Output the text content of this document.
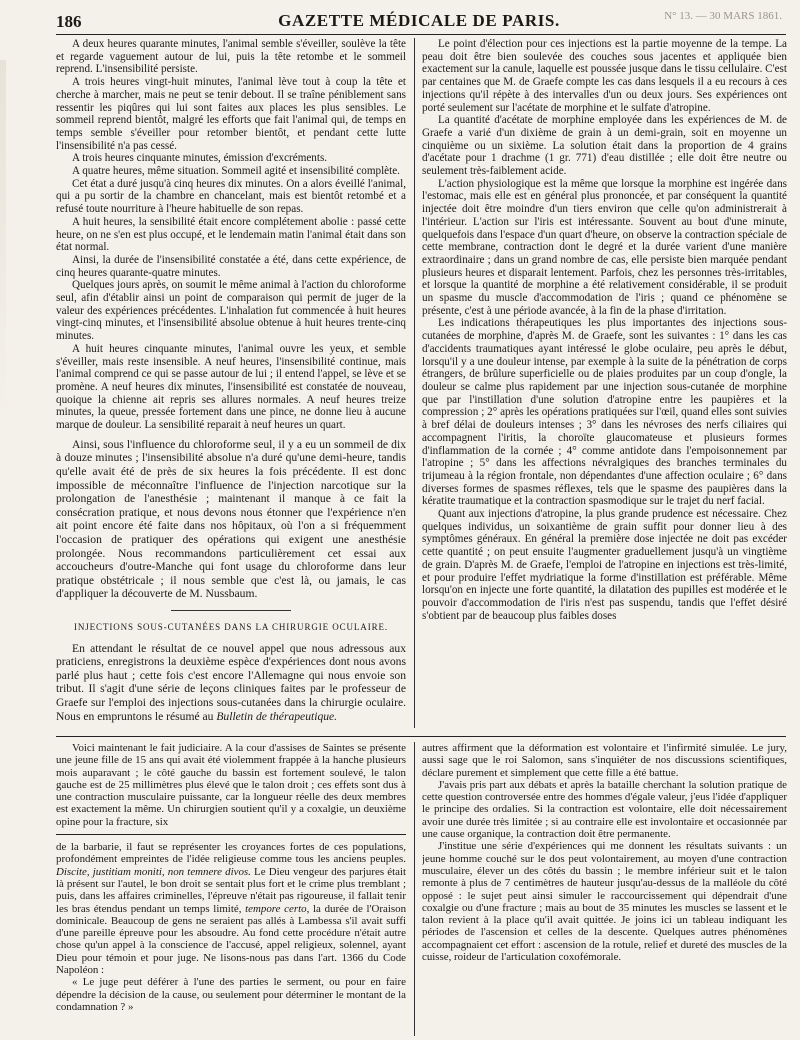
186	GAZETTE MÉDICALE DE PARIS.	N° 13. — 30 MARS 1861.

A deux heures quarante minutes, l'animal semble s'éveiller, soulève la tête et regarde vaguement autour de lui, puis la tête retombe et le sommeil reprend. L'insensibilité persiste.

A trois heures vingt-huit minutes, l'animal lève tout à coup la tête et cherche à marcher, mais ne peut se tenir debout. Il se traîne péniblement sans ressentir les piqûres qui lui sont faites aux places les plus sensibles. Le sommeil reprend bientôt, malgré les efforts que fait l'animal qui, de temps en temps semble s'éveiller pour retomber bientôt, et pendant cette lutte l'insensibilité n'a pas cessé.

A trois heures cinquante minutes, émission d'excréments.

A quatre heures, même situation. Sommeil agité et insensibilité complète.

Cet état a duré jusqu'à cinq heures dix minutes. On a alors éveillé l'animal, qui a pu sortir de la chambre en chancelant, mais est bientôt retombé et a refusé toute nourriture à l'heure habituelle de son repas.

A huit heures, la sensibilité était encore complétement abolie : passé cette heure, on ne s'en est plus occupé, et le lendemain matin l'animal était dans son état normal.

Ainsi, la durée de l'insensibilité constatée a été, dans cette expérience, de cinq heures quarante-quatre minutes.

Quelques jours après, on soumit le même animal à l'action du chloroforme seul, afin d'établir ainsi un point de comparaison qui permit de juger de la valeur des expériences précédentes. L'inhalation fut commencée à huit heures vingt-cinq minutes, et l'insensibilité absolue obtenue à huit heures trente-cinq minutes.

A huit heures cinquante minutes, l'animal ouvre les yeux, et semble s'éveiller, mais reste insensible. A neuf heures, l'insensibilité continue, mais l'animal comprend ce qui se passe autour de lui ; il entend l'appel, se lève et se promène. A neuf heures dix minutes, l'insensibilité est constatée de nouveau, quoique la chienne ait repris ses allures normales. A neuf heures treize minutes, la queue, pressée fortement dans une pince, ne donne lieu à aucune marque de douleur. La sensibilité reparait à neuf heures un quart.

Ainsi, sous l'influence du chloroforme seul, il y a eu un sommeil de dix à douze minutes ; l'insensibilité absolue n'a duré qu'une demi-heure, tandis qu'elle avait été de près de six heures la fois précédente. Il est donc impossible de méconnaître l'influence de l'injection narcotique sur la prolongation de l'anesthésie ; maintenant il manque à ce fait la consécration pratique, et nous devons nous étonner que l'expérience n'en ait point encore été faite dans nos hôpitaux, où l'on a si fréquemment l'occasion de pratiquer des opérations qui exigent une anesthésie prolongée. Nous recommandons particulièrement cet essai aux accoucheurs d'outre-Manche qui font usage du chloroforme dans leur pratique obstétricale ; il nous semble que c'est là, ou jamais, le cas d'appliquer la découverte de M. Nussbaum.

INJECTIONS SOUS-CUTANÉES DANS LA CHIRURGIE OCULAIRE.

En attendant le résultat de ce nouvel appel que nous adressous aux praticiens, enregistrons la deuxième espèce d'expériences dont nous avons parlé plus haut ; cette fois c'est encore l'Allemagne qui nous envoie son tribut. Il s'agit d'une série de leçons cliniques faites par le professeur de Graefe sur l'emploi des injections sous-cutanées dans la chirurgie oculaire. Nous en empruntons le résumé au Bulletin de thérapeutique.

Le point d'élection pour ces injections est la partie moyenne de la tempe. La peau doit être bien soulevée des couches sous jacentes et appliquée bien exactement sur la canule, laquelle est poussée jusque dans le tissu cellulaire. C'est par centaines que M. de Graefe compte les cas dans lesquels il a eu recours à ces injections qu'il répète à des intervalles d'un ou deux jours. Ses expériences ont porté seulement sur l'acétate de morphine et le sulfate d'atropine.

La quantité d'acétate de morphine employée dans les expériences de M. de Graefe a varié d'un dixième de grain à un demi-grain, soit en moyenne un cinquième ou un sixième. La solution était dans la proportion de 4 grains d'acétate pour 1 drachme (1 gr. 771) d'eau distillée ; elle doit être neutre ou seulement très-faiblement acide.

L'action physiologique est la même que lorsque la morphine est ingérée dans l'estomac, mais elle est en général plus prononcée, et par conséquent la quantité injectée doit être moindre d'un tiers environ que celle qu'on administrerait à l'intérieur. L'action sur l'iris est intéressante. Souvent au bout d'une minute, quelquefois dans l'espace d'un quart d'heure, on observe la contraction spéciale de cette membrane, contraction dont le degré et la durée varient d'une manière extraordinaire ; dans un grand nombre de cas, elle persiste bien marquée pendant plusieurs heures et disparait lentement. Parfois, chez les personnes très-irritables, et lorsque la quantité de morphine a été relativement considérable, il se produit un spasme du muscle d'accommodation de l'iris ; quand ce phénomène se présente, c'est à une période avancée, à la fin de la phase d'irritation.

Les indications thérapeutiques les plus importantes des injections sous-cutanées de morphine, d'après M. de Graefe, sont les suivantes : 1° dans les cas d'accidents traumatiques ayant intéressé le globe oculaire, peu après le début, lorsqu'il y a une douleur intense, par exemple à la suite de la pénétration de corps étrangers, de brûlure superficielle ou de plaies produites par un coup d'ongle, la douleur se calme plus rapidement par une injection sous-cutanée de morphine que par l'instillation d'une solution d'atropine entre les paupières et la compression ; 2° après les opérations pratiquées sur l'œil, quand elles sont suivies à bref délai de douleurs intenses ; 3° dans les névroses des nerfs ciliaires qui accompagnent l'iritis, la choroïte glaucomateuse et plusieurs formes d'inflammation de la cornée ; 4° comme antidote dans l'empoisonnement par l'atropine ; 5° dans les affections névralgiques des branches terminales du trijumeau à la région frontale, non dépendantes d'une affection oculaire ; 6° dans diverses formes de spasmes réflexes, tels que le spasme des paupières dans la kératite traumatique et la contraction spasmodique sur le trajet du nerf facial.

Quant aux injections d'atropine, la plus grande prudence est nécessaire. Chez quelques individus, un soixantième de grain suffit pour donner lieu à des symptômes généraux. En général la première dose injectée ne doit pas excéder cette quantité ; on peut ensuite l'augmenter graduellement jusqu'à un vingtième de grain. D'après M. de Graefe, l'emploi de l'atropine en injections est très-limité, et pour produire l'effet mydriatique la forme d'instillation est préférable. Même lorsqu'on en injecte une forte quantité, la dilatation des pupilles est modérée et le pouvoir d'accommodation de l'iris n'est pas suspendu, tandis que l'effet désiré s'obtient par de beaucoup plus faibles doses

Voici maintenant le fait judiciaire. A la cour d'assises de Saintes se présente une jeune fille de 15 ans qui avait été violemment frappée à la hanche plusieurs mois auparavant ; le côté gauche du bassin est fortement soulevé, le talon gauche est de 25 millimètres plus élevé que le talon droit ; ces effets sont dus à une contraction musculaire puissante, car la longueur réelle des deux membres est exactement la même. Un chirurgien soutient qu'il y a coxalgie, un deuxième opine pour la fracture, six

de la barbarie, il faut se représenter les croyances fortes de ces populations, profondément empreintes de l'idée religieuse comme tous les anciens peuples. Discite, justitiam moniti, non temnere divos. Le Dieu vengeur des parjures était là présent sur l'autel, le bon droit se sentait plus fort et le crime plus tremblant ; puis, dans les affaires criminelles, l'épreuve n'était pas rigoureuse, il fallait tenir les bras étendus pendant un temps limité, tempore certo, la durée de l'Oraison dominicale. Beaucoup de gens ne seraient pas allés à Lambessa s'il avait suffi d'une pareille épreuve pour les absoudre. Au fond cette procédure n'était autre chose qu'un appel à la conscience de l'accusé, appel religieux, solennel, ayant Dieu pour témoin et pour juge. Ne lisons-nous pas dans l'art. 1366 du Code Napoléon :

« Le juge peut déférer à l'une des parties le serment, ou pour en faire dépendre la décision de la cause, ou seulement pour déterminer le montant de la condamnation ? »

autres affirment que la déformation est volontaire et l'infirmité simulée. Le jury, aussi sage que le roi Salomon, sans s'inquiéter de nos discussions scientifiques, déclare purement et simplement que cette fille a été battue.

J'avais pris part aux débats et après la bataille cherchant la solution pratique de cette question controversée entre des hommes d'égale valeur, j'eus l'idée d'appliquer le principe des ordalies. Si la contraction est volontaire, elle doit nécessairement avoir une durée très limitée ; si au contraire elle est involontaire et occasionnée par une cause organique, la contraction doit être permanente.

J'institue une série d'expériences qui me donnent les résultats suivants : un jeune homme couché sur le dos peut volontairement, au moyen d'une contraction musculaire, élever un des côtés du bassin ; le membre inférieur suit et le talon remonte à plus de 7 centimètres de hauteur jusqu'au-dessus de la malléole du côté opposé : le sujet peut ainsi simuler le raccourcissement qui dépendrait d'une coxalgie ou d'une fracture ; mais au bout de 35 minutes les muscles se lassent et le talon revient à la place qu'il avait quittée. Je joins ici un tableau indiquant les périodes de l'ascension et celles de la descente. Quelques autres phénomènes accompagnaient cet effort : ascension de la rotule, relief et dureté des muscles de la cuisse, roideur de l'articulation coxofémorale.
